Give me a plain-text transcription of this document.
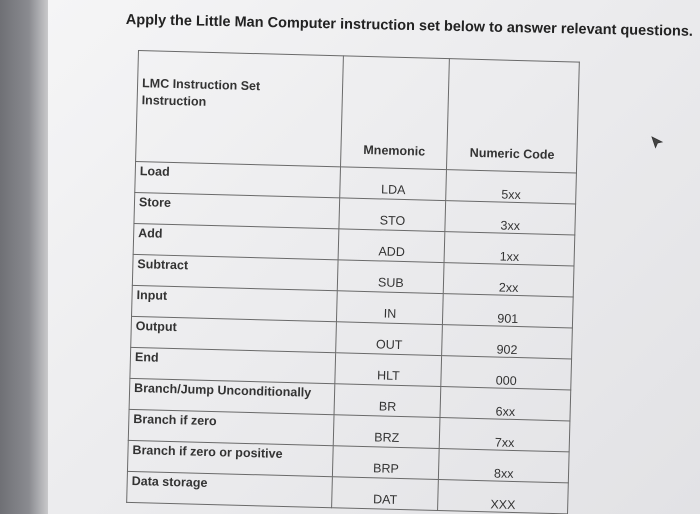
Apply the Little Man Computer instruction set below to answer relevant questions.

LMC Instruction Set
Instruction	Mnemonic	Numeric Code
Load	LDA	5xx
Store	STO	3xx
Add	ADD	1xx
Subtract	SUB	2xx
Input	IN	901
Output	OUT	902
End	HLT	000
Branch/Jump Unconditionally	BR	6xx
Branch if zero	BRZ	7xx
Branch if zero or positive	BRP	8xx
Data storage	DAT	XXX
